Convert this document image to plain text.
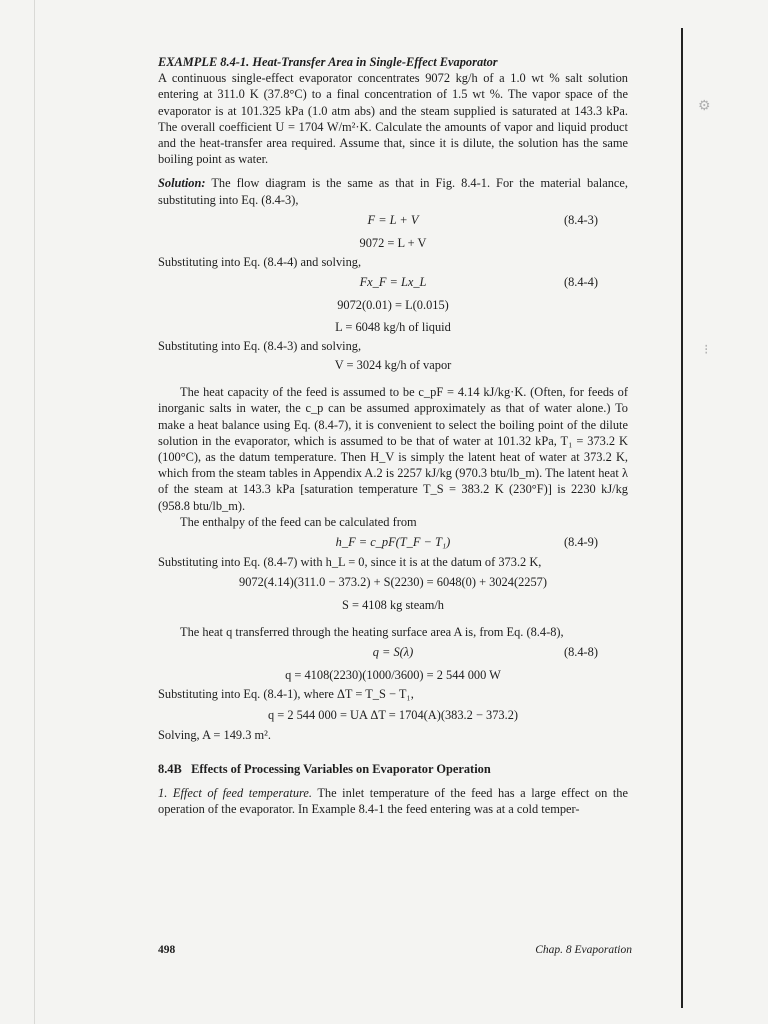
⚙
⁝

EXAMPLE 8.4-1. Heat-Transfer Area in Single-Effect Evaporator

A continuous single-effect evaporator concentrates 9072 kg/h of a 1.0 wt % salt solution entering at 311.0 K (37.8°C) to a final concentration of 1.5 wt %. The vapor space of the evaporator is at 101.325 kPa (1.0 atm abs) and the steam supplied is saturated at 143.3 kPa. The overall coefficient U = 1704 W/m²·K. Calculate the amounts of vapor and liquid product and the heat-transfer area required. Assume that, since it is dilute, the solution has the same boiling point as water.

Solution: The flow diagram is the same as that in Fig. 8.4-1. For the material balance, substituting into Eq. (8.4-3),

F = L + V	(8.4-3)
9072 = L + V

Substituting into Eq. (8.4-4) and solving,

Fx_F = Lx_L	(8.4-4)
9072(0.01) = L(0.015)
L = 6048 kg/h of liquid

Substituting into Eq. (8.4-3) and solving,

V = 3024 kg/h of vapor

The heat capacity of the feed is assumed to be c_pF = 4.14 kJ/kg·K. (Often, for feeds of inorganic salts in water, the c_p can be assumed approximately as that of water alone.) To make a heat balance using Eq. (8.4-7), it is convenient to select the boiling point of the dilute solution in the evaporator, which is assumed to be that of water at 101.32 kPa, T₁ = 373.2 K (100°C), as the datum temperature. Then H_V is simply the latent heat of water at 373.2 K, which from the steam tables in Appendix A.2 is 2257 kJ/kg (970.3 btu/lb_m). The latent heat λ of the steam at 143.3 kPa [saturation temperature T_S = 383.2 K (230°F)] is 2230 kJ/kg (958.8 btu/lb_m).

The enthalpy of the feed can be calculated from

h_F = c_pF(T_F − T₁)	(8.4-9)

Substituting into Eq. (8.4-7) with h_L = 0, since it is at the datum of 373.2 K,

9072(4.14)(311.0 − 373.2) + S(2230) = 6048(0) + 3024(2257)
S = 4108 kg steam/h

The heat q transferred through the heating surface area A is, from Eq. (8.4-8),

q = S(λ)	(8.4-8)
q = 4108(2230)(1000/3600) = 2 544 000 W

Substituting into Eq. (8.4-1), where ΔT = T_S − T₁,

q = 2 544 000 = UA ΔT = 1704(A)(383.2 − 373.2)

Solving, A = 149.3 m².

8.4B Effects of Processing Variables on Evaporator Operation

1. Effect of feed temperature. The inlet temperature of the feed has a large effect on the operation of the evaporator. In Example 8.4-1 the feed entering was at a cold temper-

498	Chap. 8 Evaporation
